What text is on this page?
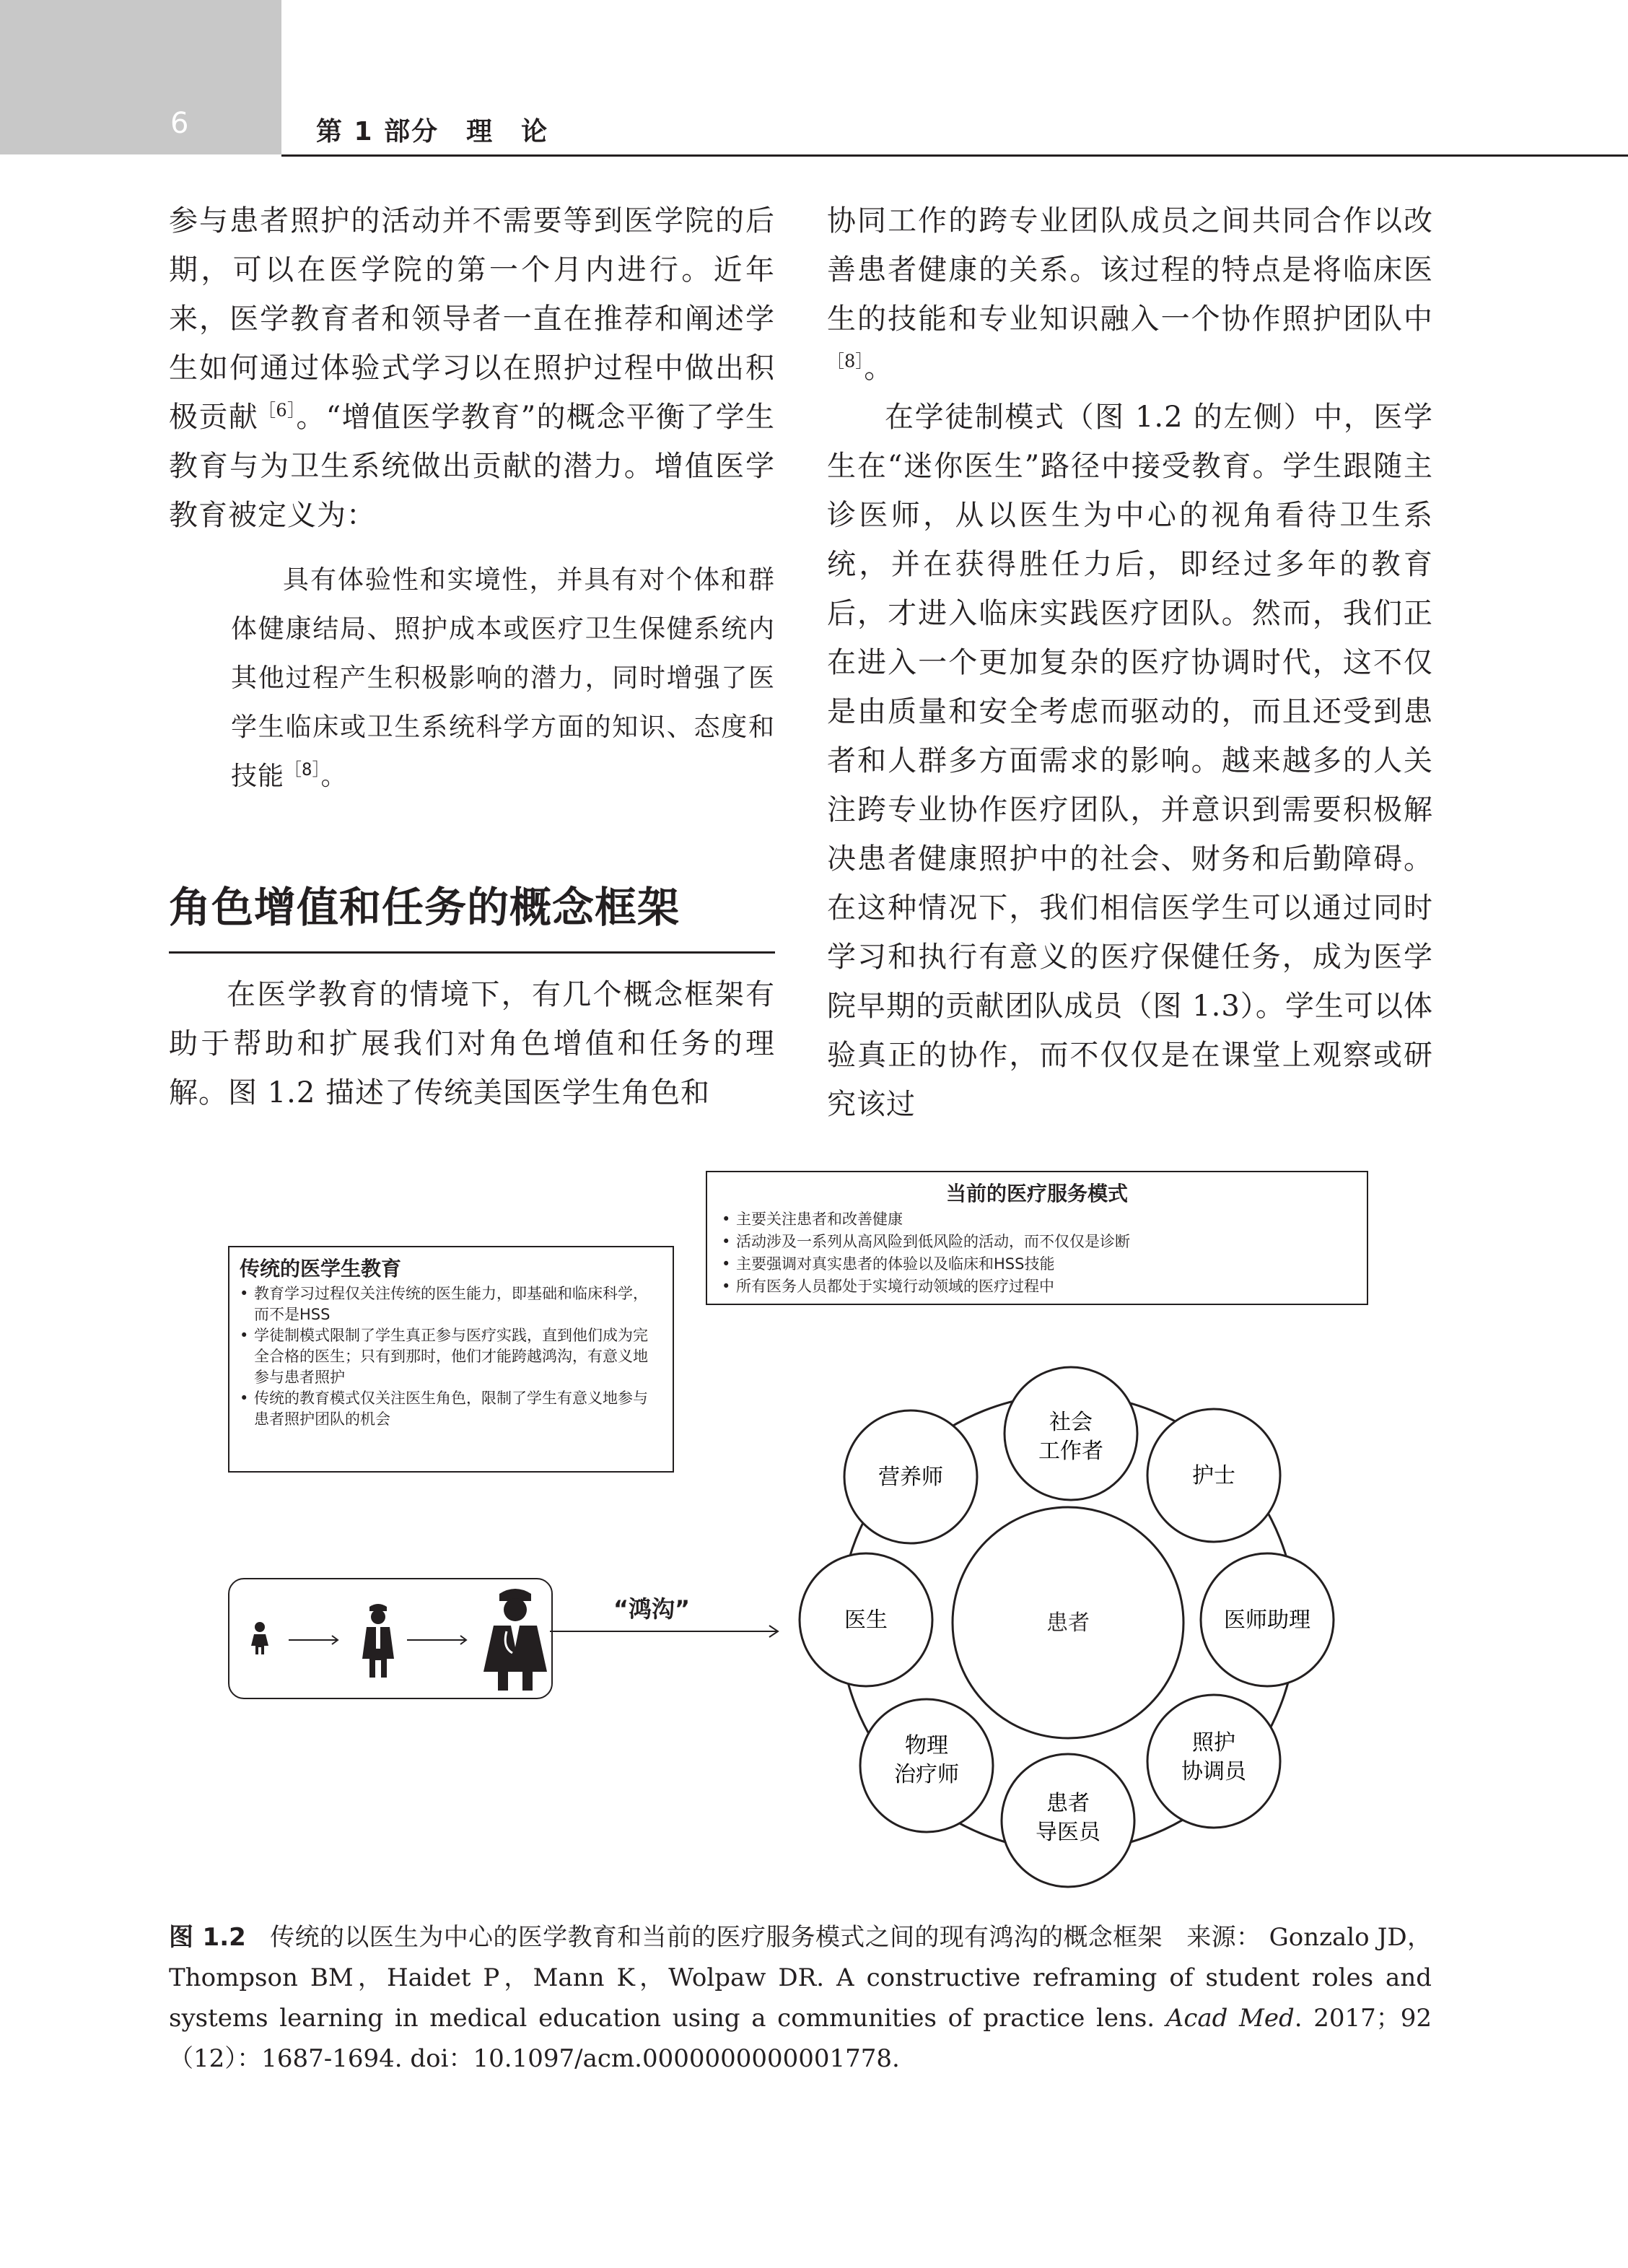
6	第 1 部分　理　论

参与患者照护的活动并不需要等到医学院的后期，可以在医学院的第一个月内进行。近年来，医学教育者和领导者一直在推荐和阐述学生如何通过体验式学习以在照护过程中做出积极贡献$^{[6]}$。“增值医学教育”的概念平衡了学生教育与为卫生系统做出贡献的潜力。增值医学教育被定义为：

具有体验性和实境性，并具有对个体和群体健康结局、照护成本或医疗卫生保健系统内其他过程产生积极影响的潜力，同时增强了医学生临床或卫生系统科学方面的知识、态度和技能$^{[8]}$。

角色增值和任务的概念框架

在医学教育的情境下，有几个概念框架有助于帮助和扩展我们对角色增值和任务的理解。图 1.2 描述了传统美国医学生角色和

协同工作的跨专业团队成员之间共同合作以改善患者健康的关系。该过程的特点是将临床医生的技能和专业知识融入一个协作照护团队中$^{[8]}$。

在学徒制模式（图 1.2 的左侧）中，医学生在“迷你医生”路径中接受教育。学生跟随主诊医师，从以医生为中心的视角看待卫生系统，并在获得胜任力后，即经过多年的教育后，才进入临床实践医疗团队。然而，我们正在进入一个更加复杂的医疗协调时代，这不仅是由质量和安全考虑而驱动的，而且还受到患者和人群多方面需求的影响。越来越多的人关注跨专业协作医疗团队，并意识到需要积极解决患者健康照护中的社会、财务和后勤障碍。在这种情况下，我们相信医学生可以通过同时学习和执行有意义的医疗保健任务，成为医学院早期的贡献团队成员（图 1.3）。学生可以体验真正的协作，而不仅仅是在课堂上观察或研究该过

当前的医疗服务模式
• 主要关注患者和改善健康
• 活动涉及一系列从高风险到低风险的活动，而不仅仅是诊断
• 主要强调对真实患者的体验以及临床和HSS技能
• 所有医务人员都处于实境行动领域的医疗过程中
传统的医学生教育
• 教育学习过程仅关注传统的医生能力，即基础和临床科学，而不是HSS
• 学徒制模式限制了学生真正参与医疗实践，直到他们成为完全合格的医生；只有到那时，他们才能跨越鸿沟，有意义地参与患者照护
• 传统的教育模式仅关注医生角色，限制了学生有意义地参与患者照护团队的机会
“鸿沟”
患者
社会
工作者
护士
医师助理
照护
协调员
患者
导医员
物理
治疗师
医生
营养师
图 1.2 传统的以医生为中心的医学教育和当前的医疗服务模式之间的现有鸿沟的概念框架 来源： Gonzalo JD，Thompson BM，Haidet P，Mann K，Wolpaw DR. A constructive reframing of student roles and systems learning in medical education using a communities of practice lens. Acad Med. 2017；92（12）：1687-1694. doi：10.1097/acm.0000000000001778.
